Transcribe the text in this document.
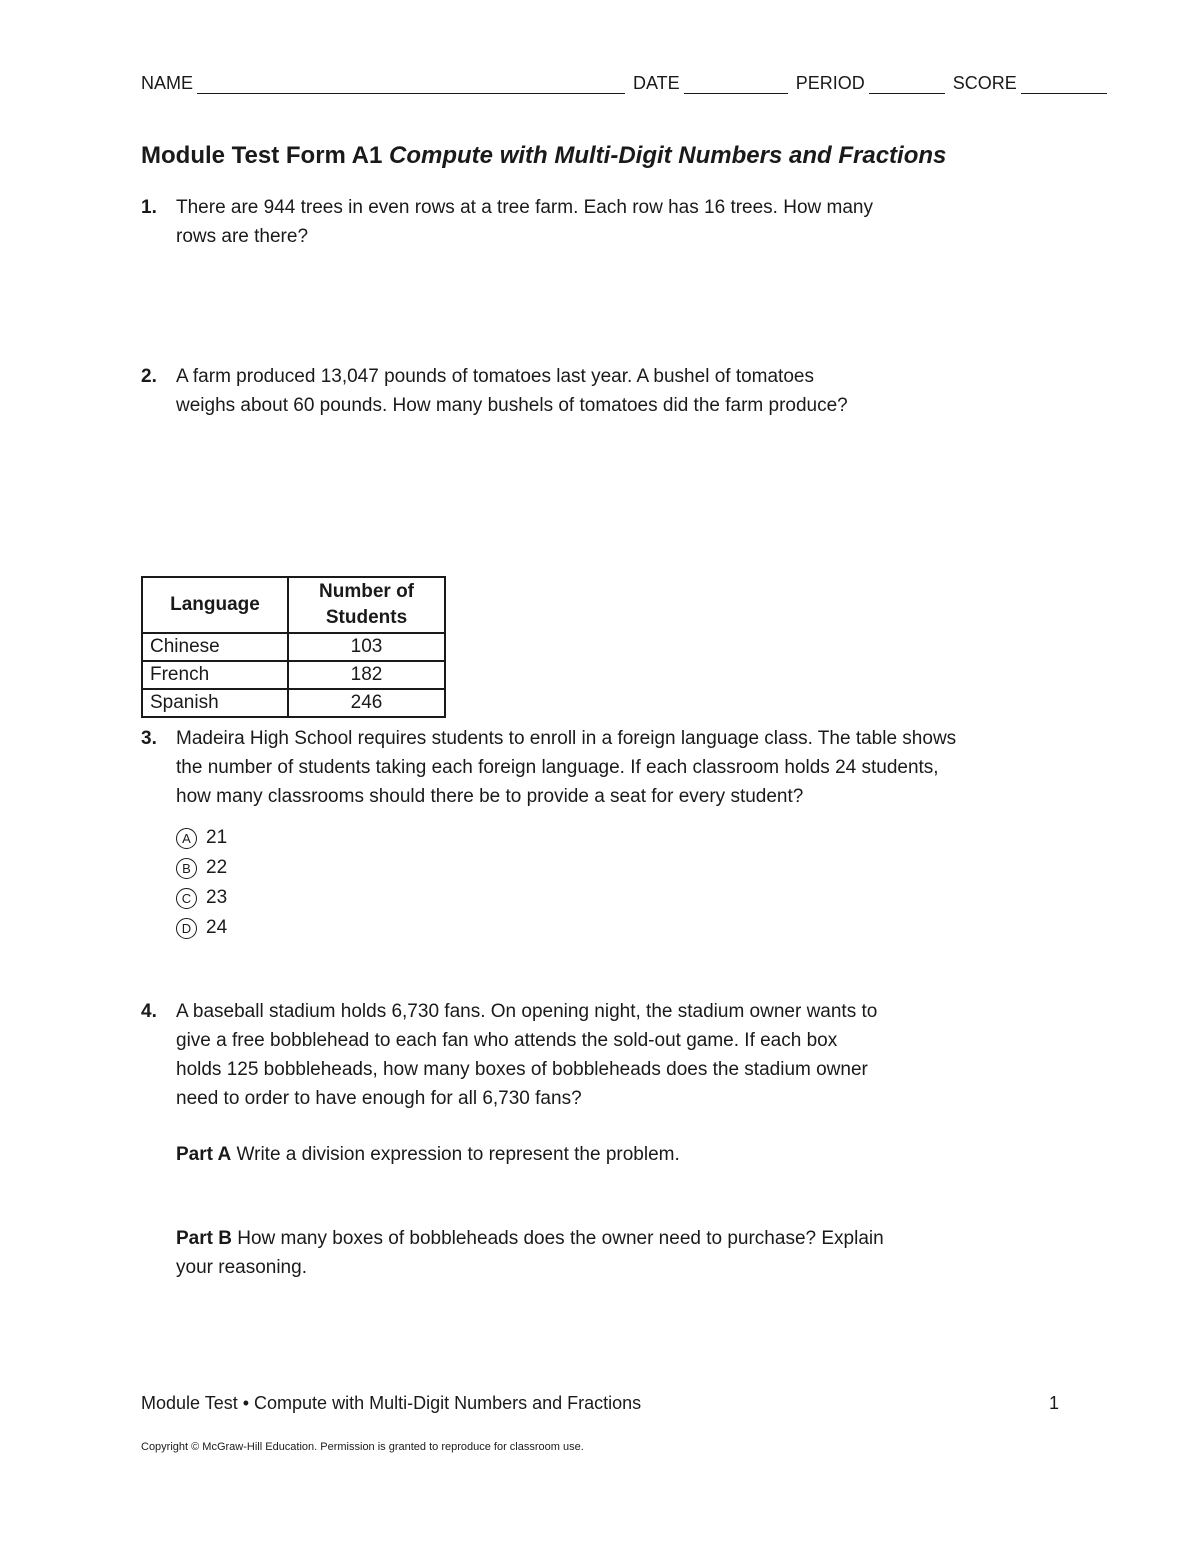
NAME	DATE	PERIOD	SCORE
Module Test Form A1 Compute with Multi-Digit Numbers and Fractions
1. There are 944 trees in even rows at a tree farm. Each row has 16 trees. How many
rows are there?
2. A farm produced 13,047 pounds of tomatoes last year. A bushel of tomatoes
weighs about 60 pounds. How many bushels of tomatoes did the farm produce?
Language	Number of
Students
Chinese	103
French	182
Spanish	246
3. Madeira High School requires students to enroll in a foreign language class. The table shows
the number of students taking each foreign language. If each classroom holds 24 students,
how many classrooms should there be to provide a seat for every student?
A 21
B 22
C 23
D 24
4. A baseball stadium holds 6,730 fans. On opening night, the stadium owner wants to
give a free bobblehead to each fan who attends the sold-out game. If each box
holds 125 bobbleheads, how many boxes of bobbleheads does the stadium owner
need to order to have enough for all 6,730 fans?
Part A Write a division expression to represent the problem.
Part B How many boxes of bobbleheads does the owner need to purchase? Explain
your reasoning.
Module Test • Compute with Multi-Digit Numbers and Fractions	1
Copyright © McGraw-Hill Education. Permission is granted to reproduce for classroom use.
